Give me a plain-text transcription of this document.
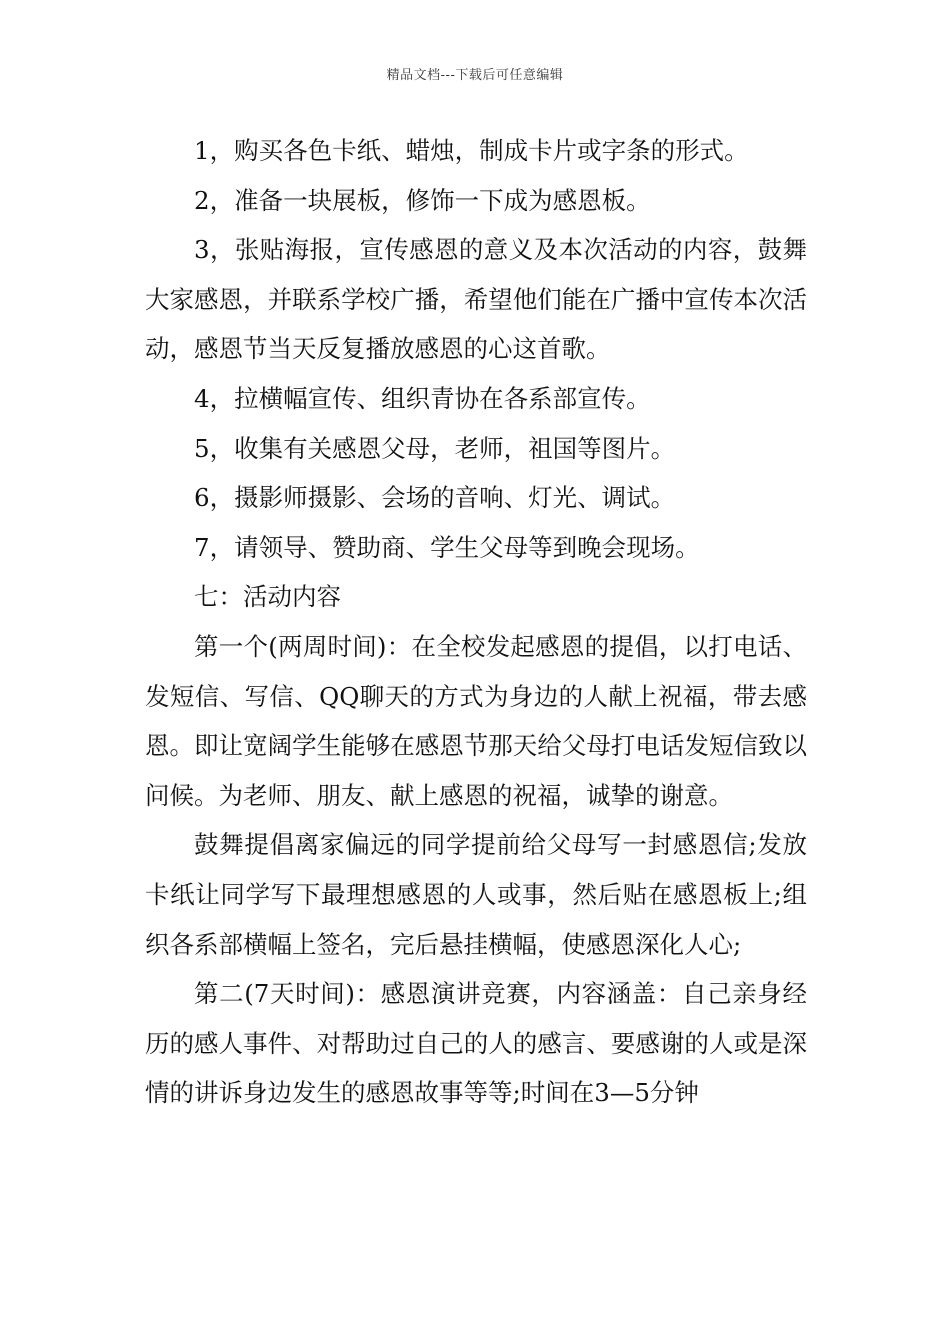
精品文档---下载后可任意编辑

1，购买各色卡纸、蜡烛，制成卡片或字条的形式。

2，准备一块展板，修饰一下成为感恩板。

3，张贴海报，宣传感恩的意义及本次活动的内容，鼓舞大家感恩，并联系学校广播，希望他们能在广播中宣传本次活动，感恩节当天反复播放感恩的心这首歌。

4，拉横幅宣传、组织青协在各系部宣传。

5，收集有关感恩父母，老师，祖国等图片。

6，摄影师摄影、会场的音响、灯光、调试。

7，请领导、赞助商、学生父母等到晚会现场。

七：活动内容

第一个(两周时间)：在全校发起感恩的提倡，以打电话、发短信、写信、QQ聊天的方式为身边的人献上祝福，带去感恩。即让宽阔学生能够在感恩节那天给父母打电话发短信致以问候。为老师、朋友、献上感恩的祝福，诚挚的谢意。

鼓舞提倡离家偏远的同学提前给父母写一封感恩信;发放卡纸让同学写下最理想感恩的人或事，然后贴在感恩板上;组织各系部横幅上签名，完后悬挂横幅，使感恩深化人心;

第二(7天时间)：感恩演讲竞赛，内容涵盖：自己亲身经历的感人事件、对帮助过自己的人的感言、要感谢的人或是深情的讲诉身边发生的感恩故事等等;时间在3—5分钟
